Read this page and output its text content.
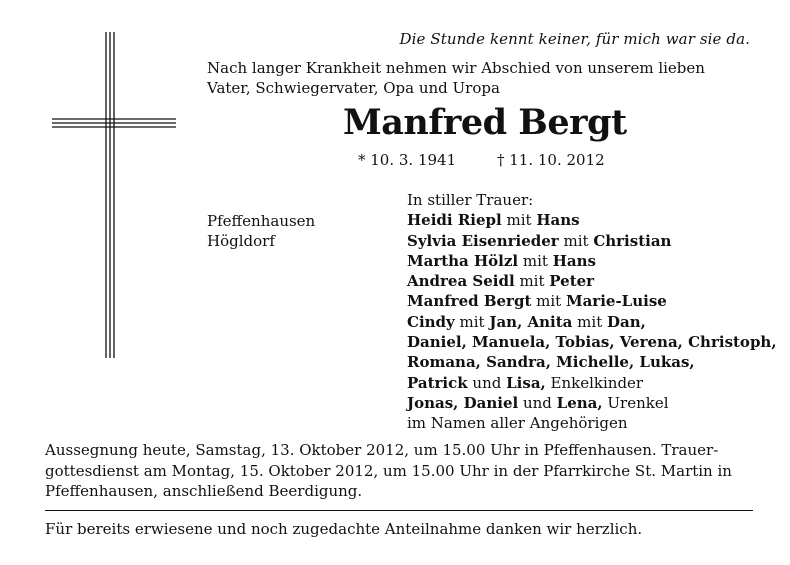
Die Stunde kennt keiner, für mich war sie da.
Nach langer Krankheit nehmen wir Abschied von unserem lieben
Vater, Schwiegervater, Opa und Uropa
Manfred Bergt
* 10. 3. 1941	† 11. 10. 2012
Pfeffenhausen
Högldorf
In stiller Trauer:
Heidi Riepl mit Hans
Sylvia Eisenrieder mit Christian
Martha Hölzl mit Hans
Andrea Seidl mit Peter
Manfred Bergt mit Marie-Luise
Cindy mit Jan, Anita mit Dan,
Daniel, Manuela, Tobias, Verena, Christoph,
Romana, Sandra, Michelle, Lukas,
Patrick und Lisa, Enkelkinder
Jonas, Daniel und Lena, Urenkel
im Namen aller Angehörigen
Aussegnung heute, Samstag, 13. Oktober 2012, um 15.00 Uhr in Pfeffenhausen. Trauer-
gottesdienst am Montag, 15. Oktober 2012, um 15.00 Uhr in der Pfarrkirche St. Martin in
Pfeffenhausen, anschließend Beerdigung.
Für bereits erwiesene und noch zugedachte Anteilnahme danken wir herzlich.
